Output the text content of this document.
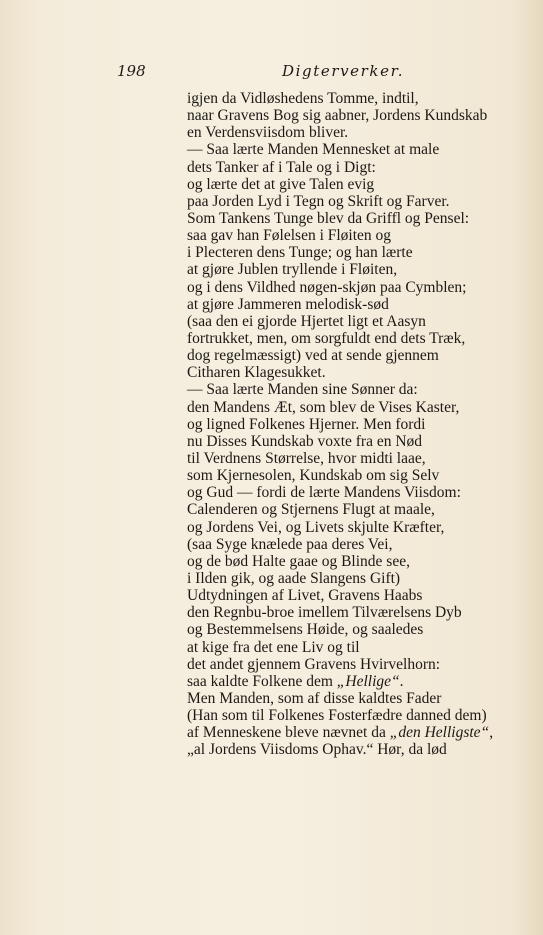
198	Digterverker.
igjen da Vidløshedens Tomme, indtil,
naar Gravens Bog sig aabner, Jordens Kundskab
en Verdensviisdom bliver.
— Saa lærte Manden Mennesket at male
dets Tanker af i Tale og i Digt:
og lærte det at give Talen evig
paa Jorden Lyd i Tegn og Skrift og Farver.
Som Tankens Tunge blev da Griffl og Pensel:
saa gav han Følelsen i Fløiten og
i Plecteren dens Tunge; og han lærte
at gjøre Jublen tryllende i Fløiten,
og i dens Vildhed nøgen-skjøn paa Cymblen;
at gjøre Jammeren melodisk-sød
(saa den ei gjorde Hjertet ligt et Aasyn
fortrukket, men, om sorgfuldt end dets Træk,
dog regelmæssigt) ved at sende gjennem
Citharen Klagesukket.
— Saa lærte Manden sine Sønner da:
den Mandens Æt, som blev de Vises Kaster,
og ligned Folkenes Hjerner. Men fordi
nu Disses Kundskab voxte fra en Nød
til Verdnens Størrelse, hvor midti laae,
som Kjernesolen, Kundskab om sig Selv
og Gud — fordi de lærte Mandens Viisdom:
Calenderen og Stjernens Flugt at maale,
og Jordens Vei, og Livets skjulte Kræfter,
(saa Syge knælede paa deres Vei,
og de bød Halte gaae og Blinde see,
i Ilden gik, og aade Slangens Gift)
Udtydningen af Livet, Gravens Haabs
den Regnbu-broe imellem Tilværelsens Dyb
og Bestemmelsens Høide, og saaledes
at kige fra det ene Liv og til
det andet gjennem Gravens Hvirvelhorn:
saa kaldte Folkene dem „Hellige“.
Men Manden, som af disse kaldtes Fader
(Han som til Folkenes Fosterfædre danned dem)
af Menneskene bleve nævnet da „den Helligste“,
„al Jordens Viisdoms Ophav.“ Hør, da lød
